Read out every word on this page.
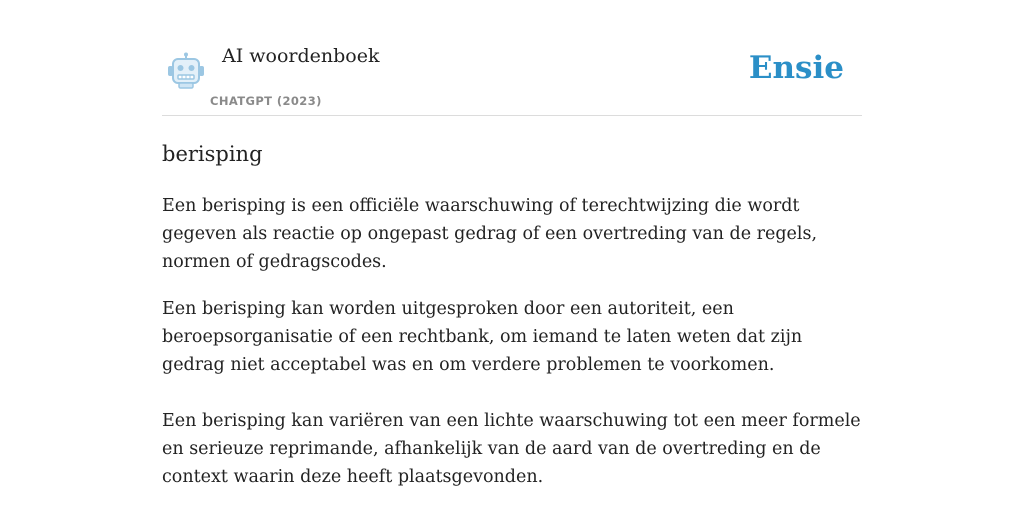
AI woordenboek
CHATGPT (2023)
Ensie
berisping

Een berisping is een officiële waarschuwing of terechtwijzing die wordt gegeven als reactie op ongepast gedrag of een overtreding van de regels, normen of gedragscodes.

Een berisping kan worden uitgesproken door een autoriteit, een beroepsorganisatie of een rechtbank, om iemand te laten weten dat zijn gedrag niet acceptabel was en om verdere problemen te voorkomen.

Een berisping kan variëren van een lichte waarschuwing tot een meer formele en serieuze reprimande, afhankelijk van de aard van de overtreding en de context waarin deze heeft plaatsgevonden.
